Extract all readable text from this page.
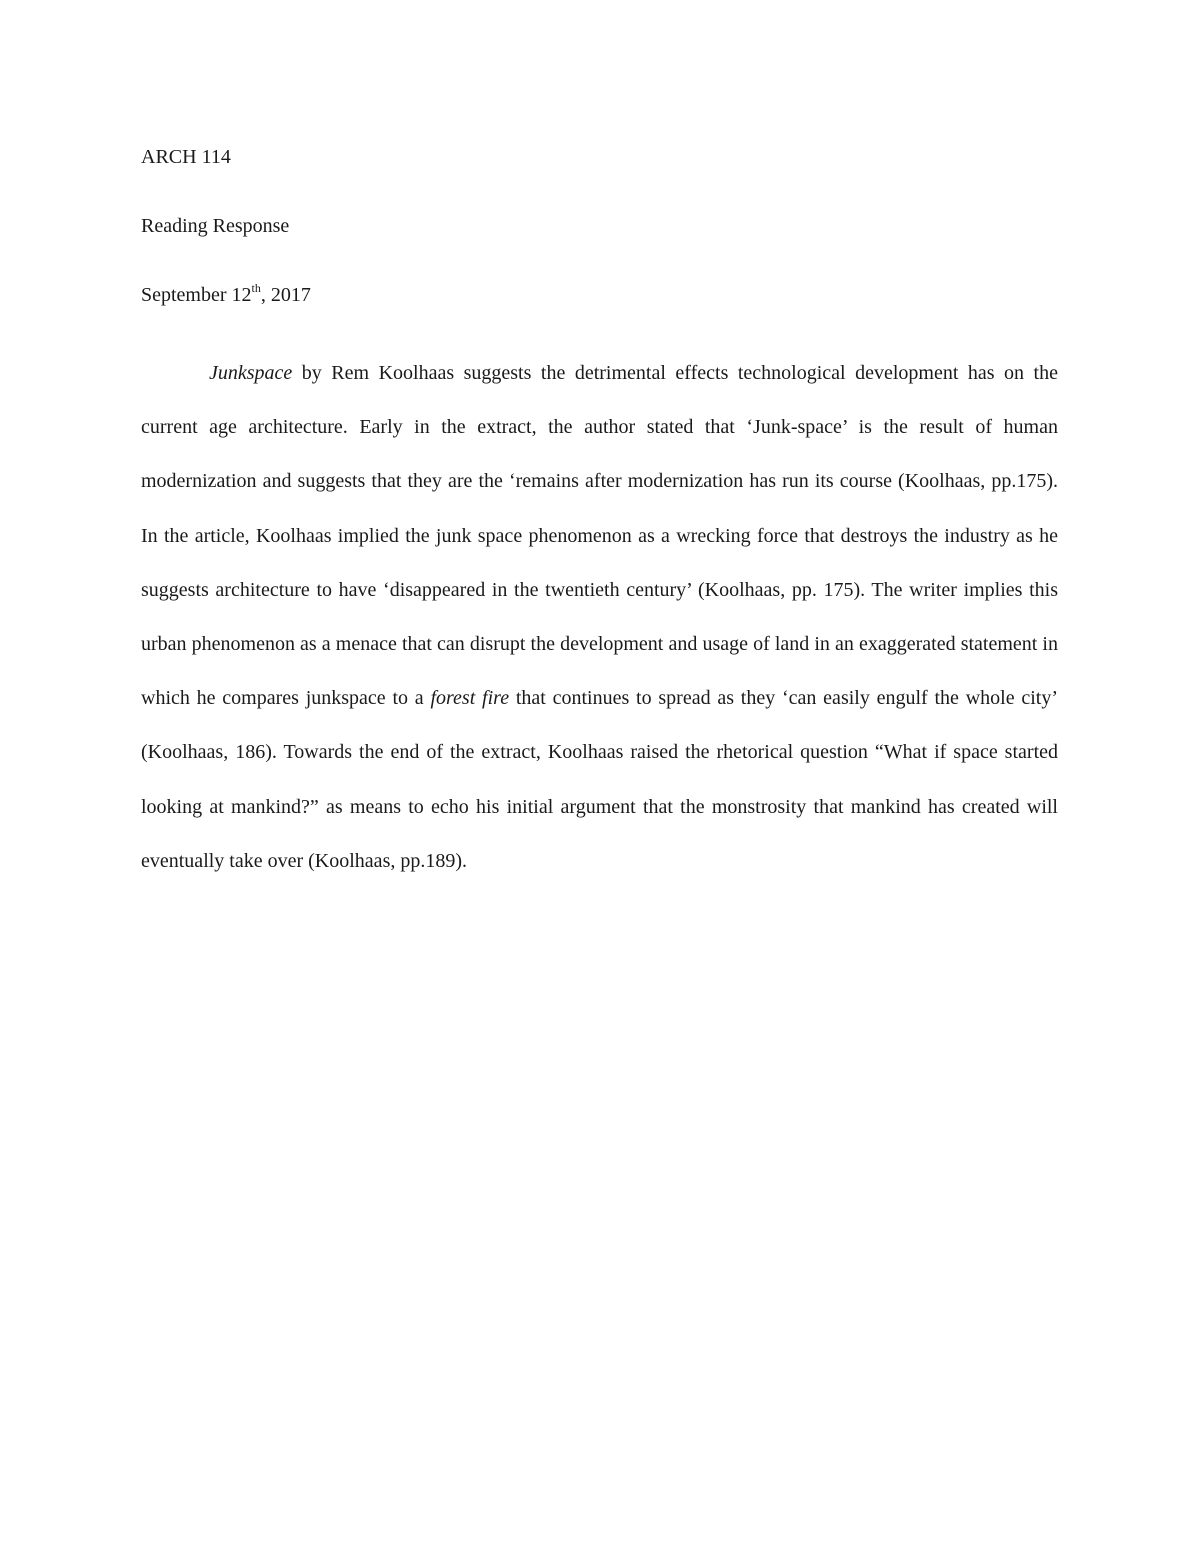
ARCH 114

Reading Response

September 12th, 2017

Junkspace by Rem Koolhaas suggests the detrimental effects technological development has on the current age architecture. Early in the extract, the author stated that ‘Junk-space’ is the result of human modernization and suggests that they are the ‘remains after modernization has run its course (Koolhaas, pp.175). In the article, Koolhaas implied the junk space phenomenon as a wrecking force that destroys the industry as he suggests architecture to have ‘disappeared in the twentieth century’ (Koolhaas, pp. 175). The writer implies this urban phenomenon as a menace that can disrupt the development and usage of land in an exaggerated statement in which he compares junkspace to a forest fire that continues to spread as they ‘can easily engulf the whole city’ (Koolhaas, 186). Towards the end of the extract, Koolhaas raised the rhetorical question “What if space started looking at mankind?” as means to echo his initial argument that the monstrosity that mankind has created will eventually take over (Koolhaas, pp.189).
